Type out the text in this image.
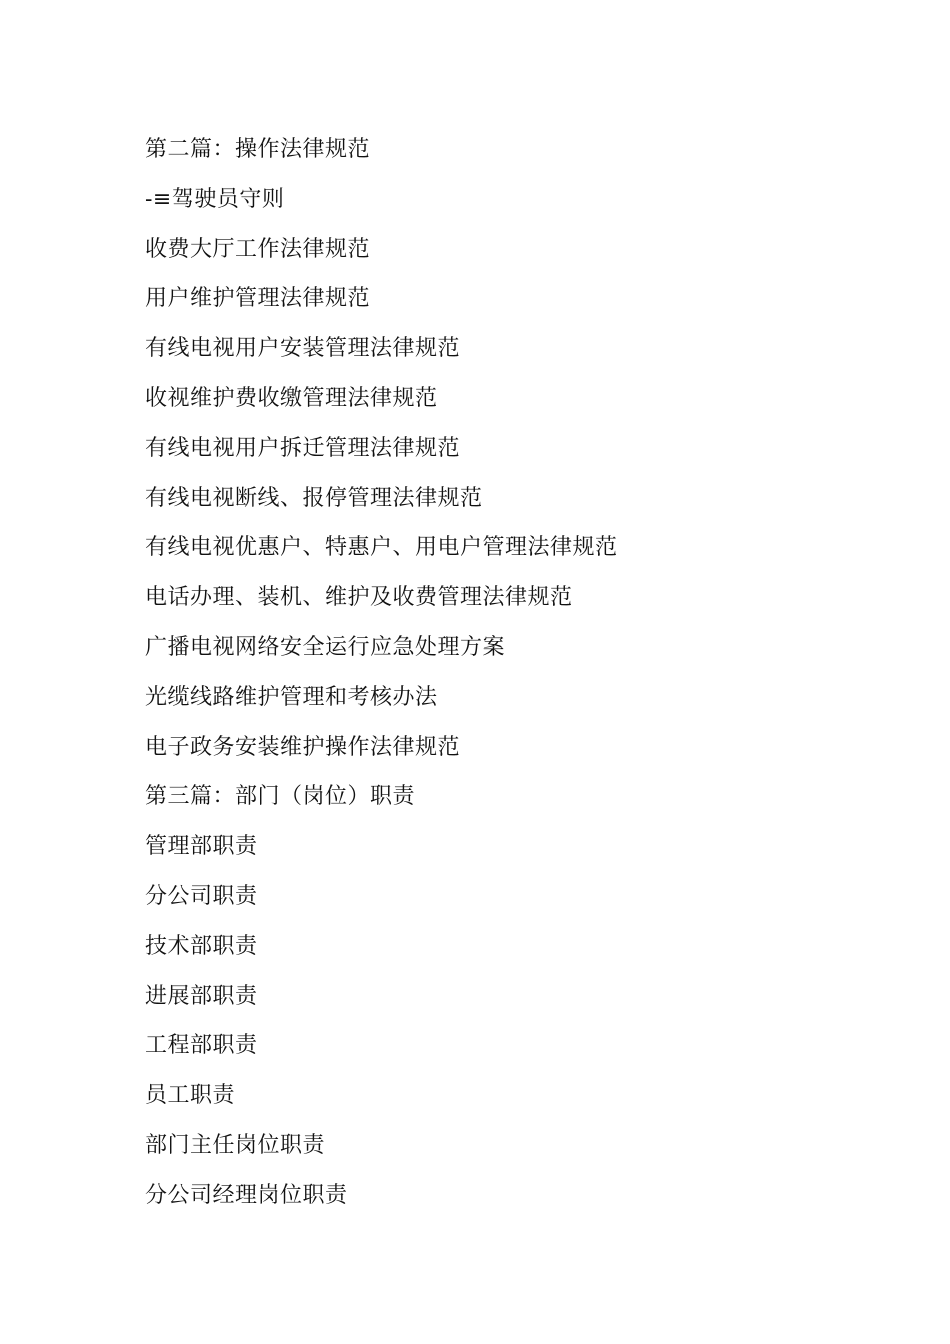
第二篇：操作法律规范
-≡驾驶员守则
收费大厅工作法律规范
用户维护管理法律规范
有线电视用户安装管理法律规范
收视维护费收缴管理法律规范
有线电视用户拆迁管理法律规范
有线电视断线、报停管理法律规范
有线电视优惠户、特惠户、用电户管理法律规范
电话办理、装机、维护及收费管理法律规范
广播电视网络安全运行应急处理方案
光缆线路维护管理和考核办法
电子政务安装维护操作法律规范
第三篇：部门（岗位）职责
管理部职责
分公司职责
技术部职责
进展部职责
工程部职责
员工职责
部门主任岗位职责
分公司经理岗位职责
